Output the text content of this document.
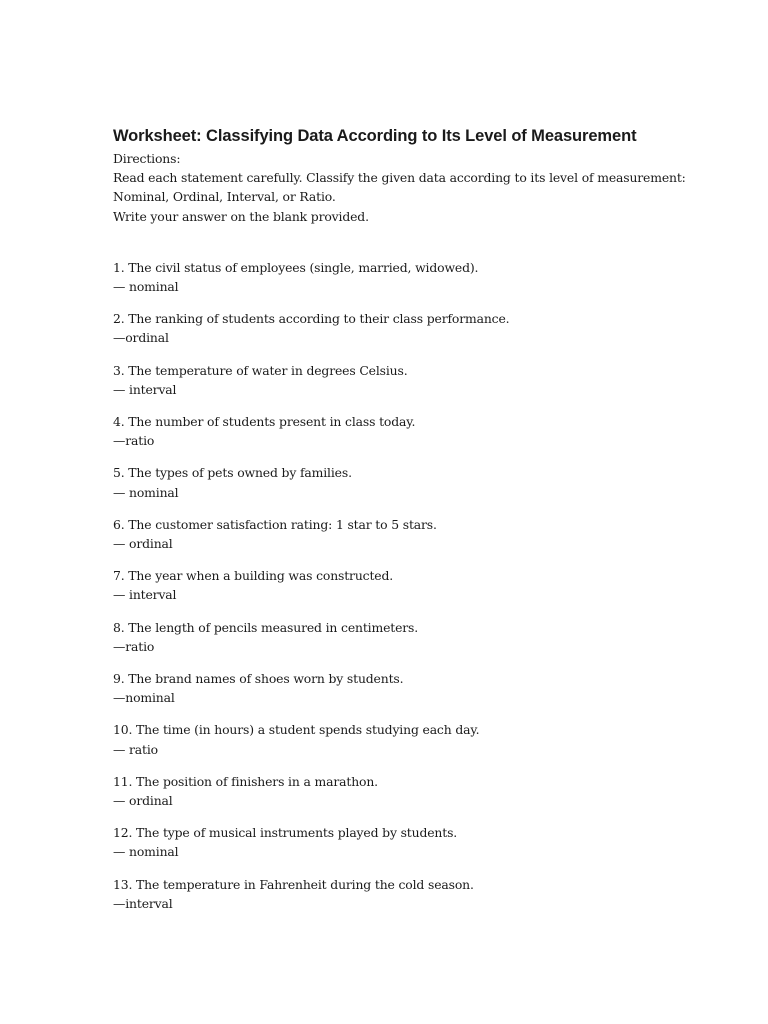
Worksheet: Classifying Data According to Its Level of Measurement
Directions:
Read each statement carefully. Classify the given data according to its level of measurement:
Nominal, Ordinal, Interval, or Ratio.
Write your answer on the blank provided.
1. The civil status of employees (single, married, widowed).
— nominal
2. The ranking of students according to their class performance.
—ordinal
3. The temperature of water in degrees Celsius.
— interval
4. The number of students present in class today.
—ratio
5. The types of pets owned by families.
— nominal
6. The customer satisfaction rating: 1 star to 5 stars.
— ordinal
7. The year when a building was constructed.
— interval
8. The length of pencils measured in centimeters.
—ratio
9. The brand names of shoes worn by students.
—nominal
10. The time (in hours) a student spends studying each day.
— ratio
11. The position of finishers in a marathon.
— ordinal
12. The type of musical instruments played by students.
— nominal
13. The temperature in Fahrenheit during the cold season.
—interval
